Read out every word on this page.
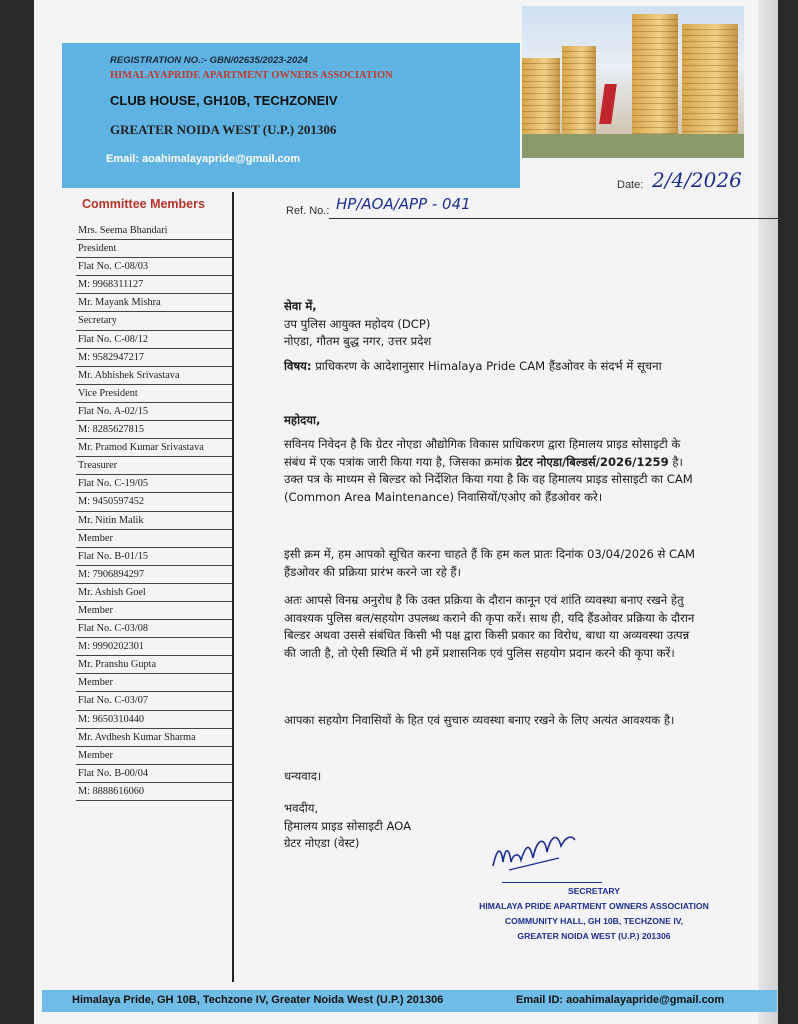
REGISTRATION NO.:- GBN/02635/2023-2024
HIMALAYAPRIDE APARTMENT OWNERS ASSOCIATION
CLUB HOUSE, GH10B, TECHZONEIV
GREATER NOIDA WEST (U.P.) 201306
Email: aoahimalayapride@gmail.com
Date: 2/4/2026
Ref. No.: HP/AOA/APP - 041
Committee Members
Mrs. Seema Bhandari
President
Flat No. C-08/03
M: 9968311127
Mr. Mayank Mishra
Secretary
Flat No. C-08/12
M: 9582947217
Mr. Abhishek Srivastava
Vice President
Flat No. A-02/15
M: 8285627815
Mr. Pramod Kumar Srivastava
Treasurer
Flat No. C-19/05
M: 9450597452
Mr. Nitin Malik
Member
Flat No. B-01/15
M: 7906894297
Mr. Ashish Goel
Member
Flat No. C-03/08
M: 9990202301
Mr. Pranshu Gupta
Member
Flat No. C-03/07
M: 9650310440
Mr. Avdhesh Kumar Sharma
Member
Flat No. B-00/04
M: 8888616060

सेवा में,

उप पुलिस आयुक्त महोदय (DCP)

नोएडा, गौतम बुद्ध नगर, उत्तर प्रदेश

विषय: प्राधिकरण के आदेशानुसार Himalaya Pride CAM हैंडओवर के संदर्भ में सूचना

महोदया,

सविनय निवेदन है कि ग्रेटर नोएडा औद्योगिक विकास प्राधिकरण द्वारा हिमालय प्राइड सोसाइटी के संबंध में एक पत्रांक जारी किया गया है, जिसका क्रमांक ग्रेटर नोएडा/बिल्डर्स/2026/1259 है। उक्त पत्र के माध्यम से बिल्डर को निर्देशित किया गया है कि वह हिमालय प्राइड सोसाइटी का CAM (Common Area Maintenance) निवासियों/एओए को हैंडओवर करे।

इसी क्रम में, हम आपको सूचित करना चाहते हैं कि हम कल प्रातः दिनांक 03/04/2026 से CAM हैंडओवर की प्रक्रिया प्रारंभ करने जा रहे हैं।

अतः आपसे विनम्र अनुरोध है कि उक्त प्रक्रिया के दौरान कानून एवं शांति व्यवस्था बनाए रखने हेतु आवश्यक पुलिस बल/सहयोग उपलब्ध कराने की कृपा करें। साथ ही, यदि हैंडओवर प्रक्रिया के दौरान बिल्डर अथवा उससे संबंधित किसी भी पक्ष द्वारा किसी प्रकार का विरोध, बाधा या अव्यवस्था उत्पन्न की जाती है, तो ऐसी स्थिति में भी हमें प्रशासनिक एवं पुलिस सहयोग प्रदान करने की कृपा करें।

आपका सहयोग निवासियों के हित एवं सुचारु व्यवस्था बनाए रखने के लिए अत्यंत आवश्यक है।

धन्यवाद।

भवदीय,

हिमालय प्राइड सोसाइटी AOA

ग्रेटर नोएडा (वेस्ट)

SECRETARY
HIMALAYA PRIDE APARTMENT OWNERS ASSOCIATION
COMMUNITY HALL, GH 10B, TECHZONE IV,
GREATER NOIDA WEST (U.P.) 201306
Himalaya Pride, GH 10B, Techzone IV, Greater Noida West (U.P.) 201306	Email ID: aoahimalayapride@gmail.com
